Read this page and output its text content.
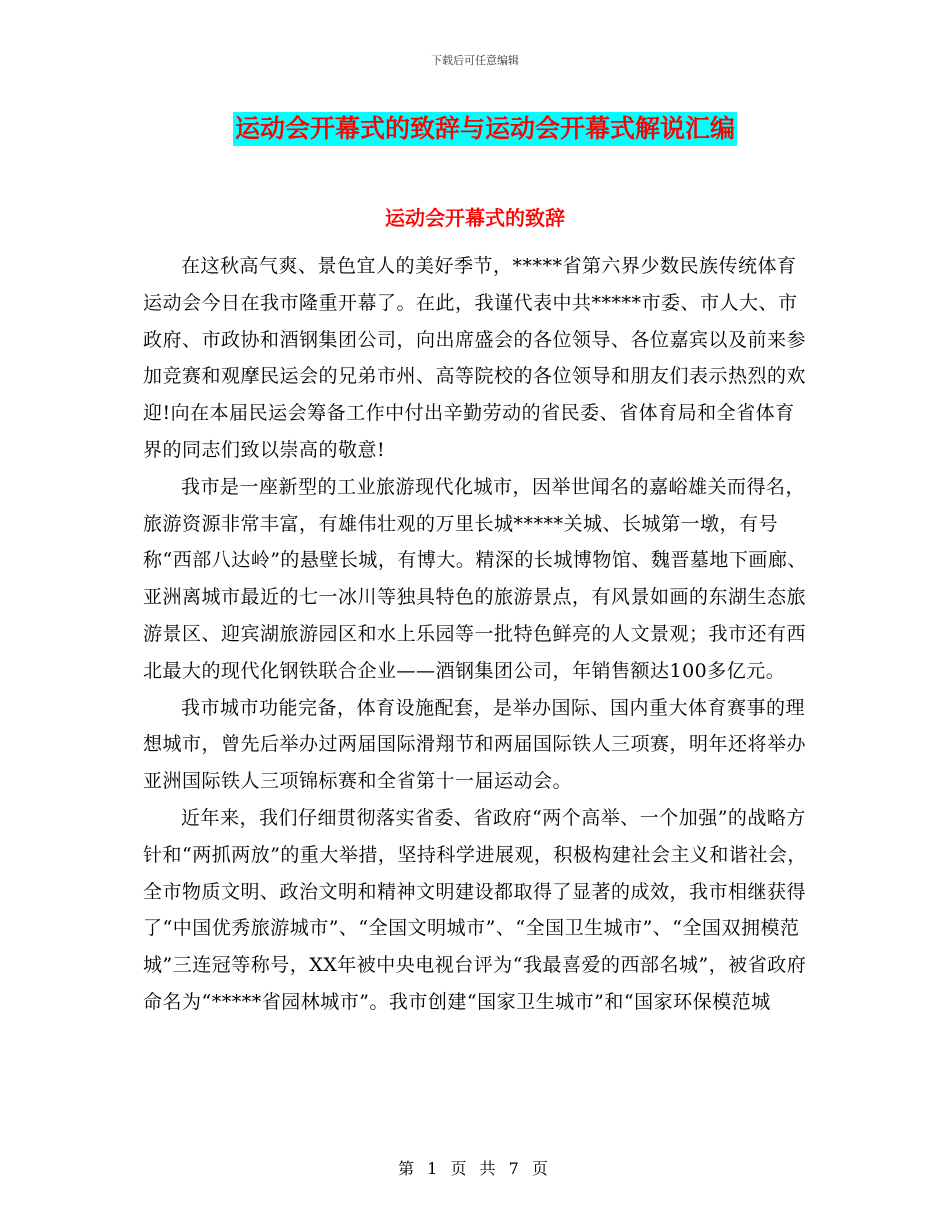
下载后可任意编辑
运动会开幕式的致辞与运动会开幕式解说汇编
运动会开幕式的致辞

在这秋高气爽、景色宜人的美好季节，*****省第六界少数民族传统体育运动会今日在我市隆重开幕了。在此，我谨代表中共*****市委、市人大、市政府、市政协和酒钢集团公司，向出席盛会的各位领导、各位嘉宾以及前来参加竞赛和观摩民运会的兄弟市州、高等院校的各位领导和朋友们表示热烈的欢迎!向在本届民运会筹备工作中付出辛勤劳动的省民委、省体育局和全省体育界的同志们致以崇高的敬意!

我市是一座新型的工业旅游现代化城市，因举世闻名的嘉峪雄关而得名，旅游资源非常丰富，有雄伟壮观的万里长城*****关城、长城第一墩，有号称“西部八达岭”的悬壁长城，有博大。精深的长城博物馆、魏晋墓地下画廊、亚洲离城市最近的七一冰川等独具特色的旅游景点，有风景如画的东湖生态旅游景区、迎宾湖旅游园区和水上乐园等一批特色鲜亮的人文景观；我市还有西北最大的现代化钢铁联合企业——酒钢集团公司，年销售额达100多亿元。

我市城市功能完备，体育设施配套，是举办国际、国内重大体育赛事的理想城市，曾先后举办过两届国际滑翔节和两届国际铁人三项赛，明年还将举办亚洲国际铁人三项锦标赛和全省第十一届运动会。

近年来，我们仔细贯彻落实省委、省政府“两个高举、一个加强”的战略方针和“两抓两放”的重大举措，坚持科学进展观，积极构建社会主义和谐社会，全市物质文明、政治文明和精神文明建设都取得了显著的成效，我市相继获得了“中国优秀旅游城市”、“全国文明城市”、“全国卫生城市”、“全国双拥模范城”三连冠等称号，XX年被中央电视台评为“我最喜爱的西部名城”，被省政府命名为“*****省园林城市”。我市创建“国家卫生城市”和“国家环保模范城

第 1 页 共 7 页
